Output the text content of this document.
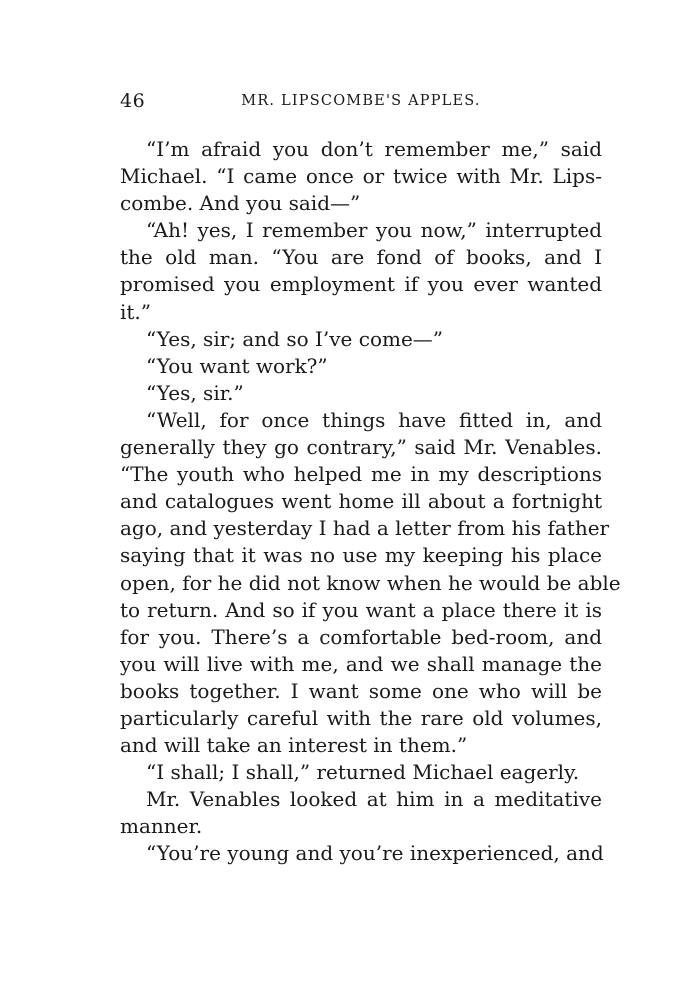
46	MR. LIPSCOMBE'S APPLES.
“I’m afraid you don’t remember me,” said
Michael. “I came once or twice with Mr. Lips-
combe. And you said—”
“Ah! yes, I remember you now,” interrupted
the old man. “You are fond of books, and I
promised you employment if you ever wanted
it.”
“Yes, sir; and so I’ve come—”
“You want work?”
“Yes, sir.”
“Well, for once things have fitted in, and
generally they go contrary,” said Mr. Venables.
“The youth who helped me in my descriptions
and catalogues went home ill about a fortnight
ago, and yesterday I had a letter from his father
saying that it was no use my keeping his place
open, for he did not know when he would be able
to return. And so if you want a place there it is
for you. There’s a comfortable bed-room, and
you will live with me, and we shall manage the
books together. I want some one who will be
particularly careful with the rare old volumes,
and will take an interest in them.”
“I shall; I shall,” returned Michael eagerly.
Mr. Venables looked at him in a meditative
manner.
“You’re young and you’re inexperienced, and
